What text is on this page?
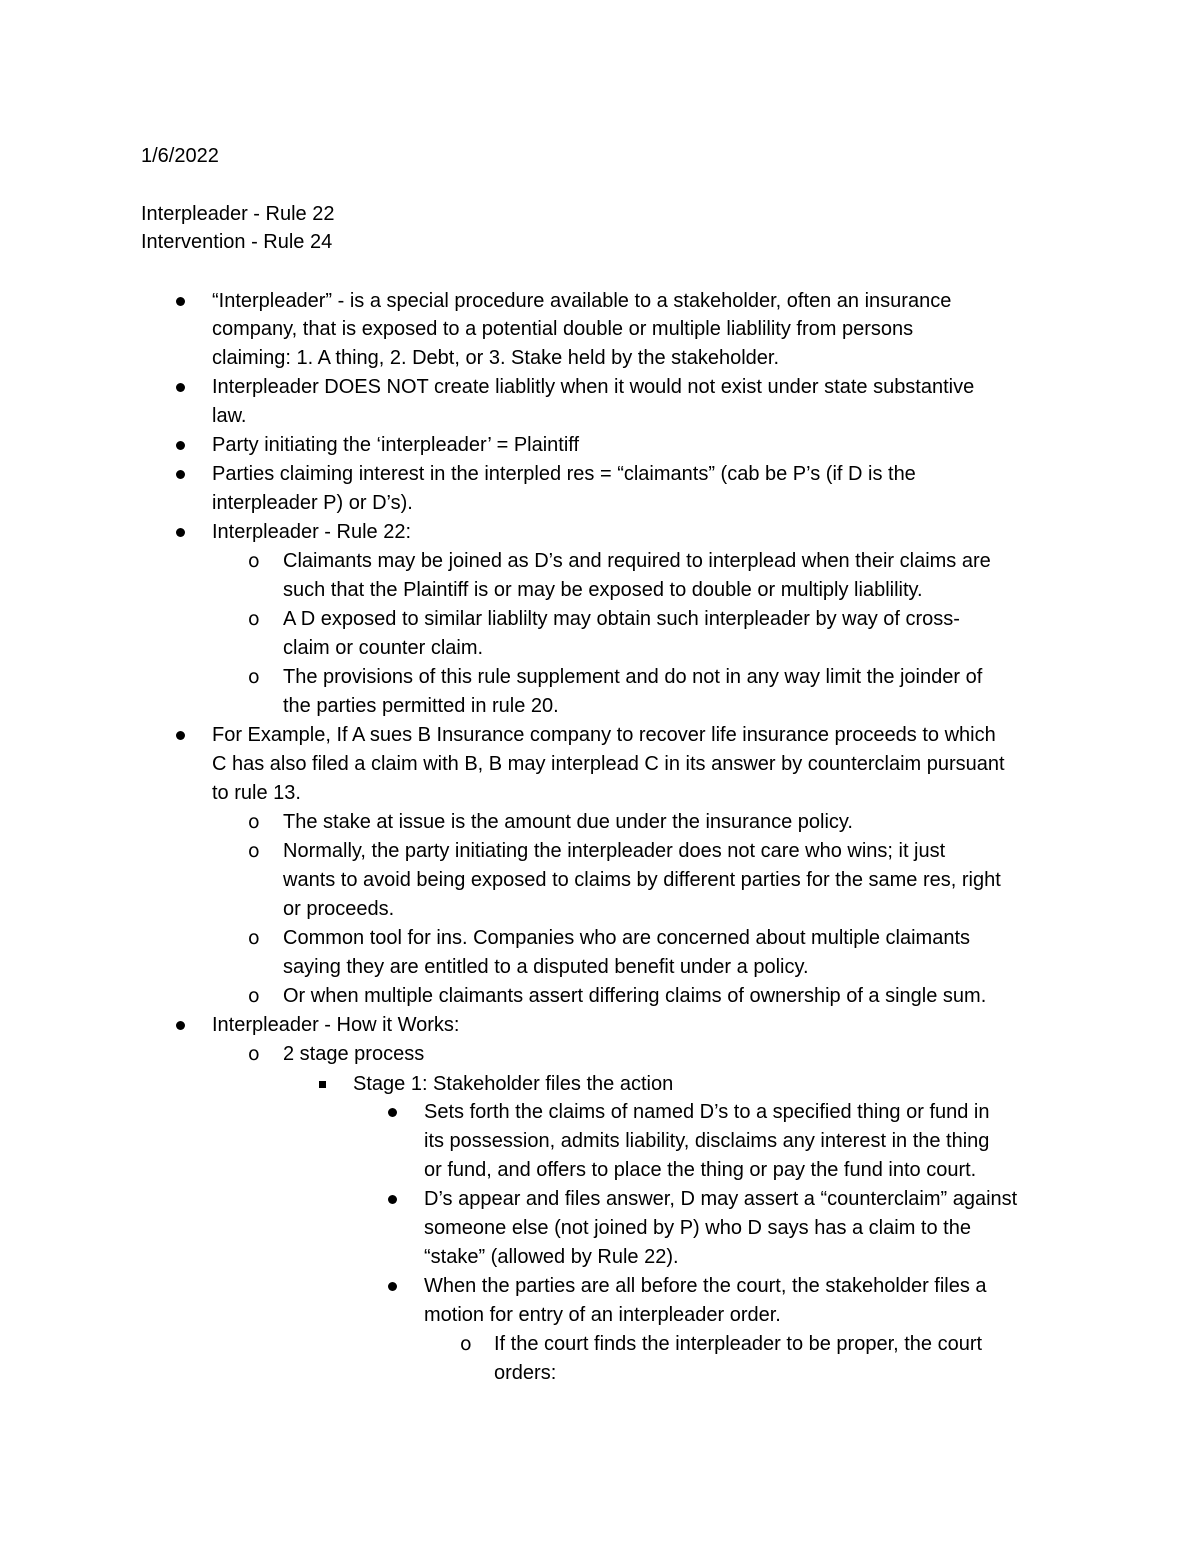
1/6/2022
Interpleader - Rule 22
Intervention - Rule 24
“Interpleader” - is a special procedure available to a stakeholder, often an insurance
company, that is exposed to a potential double or multiple liablility from persons
claiming: 1. A thing, 2. Debt, or 3. Stake held by the stakeholder.
Interpleader DOES NOT create liablitly when it would not exist under state substantive
law.
Party initiating the ‘interpleader’ = Plaintiff
Parties claiming interest in the interpled res = “claimants” (cab be P’s (if D is the
interpleader P) or D’s).
Interpleader - Rule 22:
o Claimants may be joined as D’s and required to interplead when their claims are
such that the Plaintiff is or may be exposed to double or multiply liablility.
o A D exposed to similar liablilty may obtain such interpleader by way of cross-
claim or counter claim.
o The provisions of this rule supplement and do not in any way limit the joinder of
the parties permitted in rule 20.
For Example, If A sues B Insurance company to recover life insurance proceeds to which
C has also filed a claim with B, B may interplead C in its answer by counterclaim pursuant
to rule 13.
o The stake at issue is the amount due under the insurance policy.
o Normally, the party initiating the interpleader does not care who wins; it just
wants to avoid being exposed to claims by different parties for the same res, right
or proceeds.
o Common tool for ins. Companies who are concerned about multiple claimants
saying they are entitled to a disputed benefit under a policy.
o Or when multiple claimants assert differing claims of ownership of a single sum.
Interpleader - How it Works:
o 2 stage process
Stage 1: Stakeholder files the action
Sets forth the claims of named D’s to a specified thing or fund in
its possession, admits liability, disclaims any interest in the thing
or fund, and offers to place the thing or pay the fund into court.
D’s appear and files answer, D may assert a “counterclaim” against
someone else (not joined by P) who D says has a claim to the
“stake” (allowed by Rule 22).
When the parties are all before the court, the stakeholder files a
motion for entry of an interpleader order.
o If the court finds the interpleader to be proper, the court
orders:
